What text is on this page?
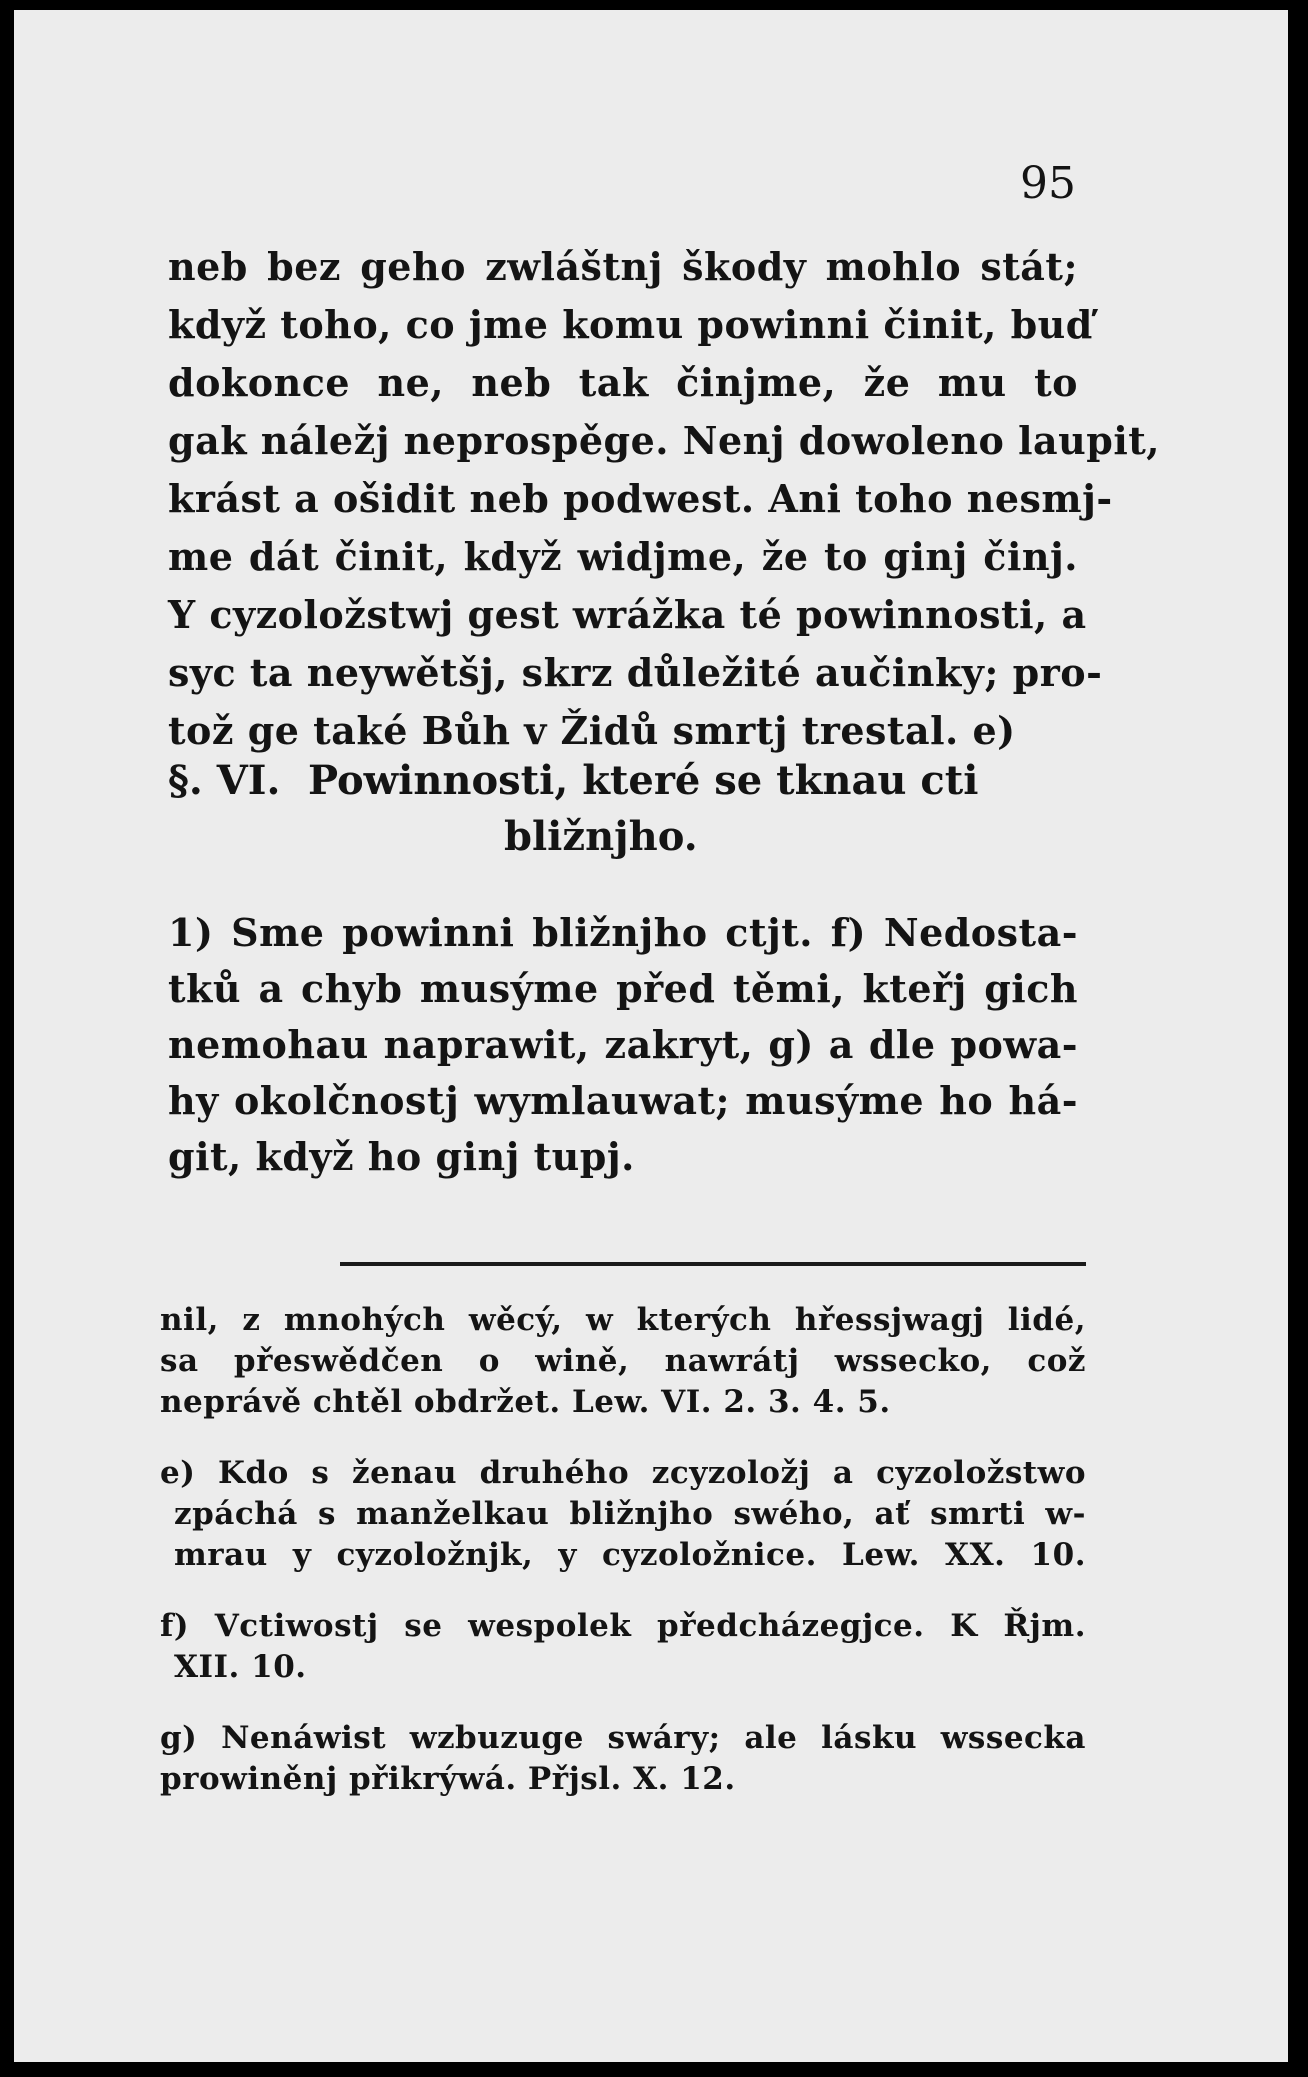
95
neb bez geho zwláštnj škody mohlo stát;
když toho, co jme komu powinni činit, buď
dokonce ne, neb tak činjme, že mu to
gak náležj neprospěge. Nenj dowoleno laupit,
krást a ošidit neb podwest. Ani toho nesmj-
me dát činit, když widjme, že to ginj činj.
Y cyzoložstwj gest wrážka té powinnosti, a
syc ta neywětšj, skrz důležité aučinky; pro-
tož ge také Bůh v Židů smrtj trestal. e)
§. VI. Powinnosti, které se tknau cti
bližnjho.
1) Sme powinni bližnjho ctjt. f) Nedosta-
tků a chyb musýme před těmi, kteřj gich
nemohau naprawit, zakryt, g) a dle powa-
hy okolčnostj wymlauwat; musýme ho há-
git, když ho ginj tupj.
nil, z mnohých wěcý, w kterých hřessjwagj lidé,
sa přeswědčen o wině, nawrátj wssecko, což
neprávě chtěl obdržet. Lew. VI. 2. 3. 4. 5.
e) Kdo s ženau druhého zcyzoložj a cyzoložstwo
zpáchá s manželkau bližnjho swého, ať smrti w-
mrau y cyzoložnjk, y cyzoložnice. Lew. XX. 10.
f) Vctiwostj se wespolek předcházegjce. K Řjm.
XII. 10.
g) Nenáwist wzbuzuge swáry; ale lásku wssecka
prowiněnj přikrýwá. Přjsl. X. 12.
